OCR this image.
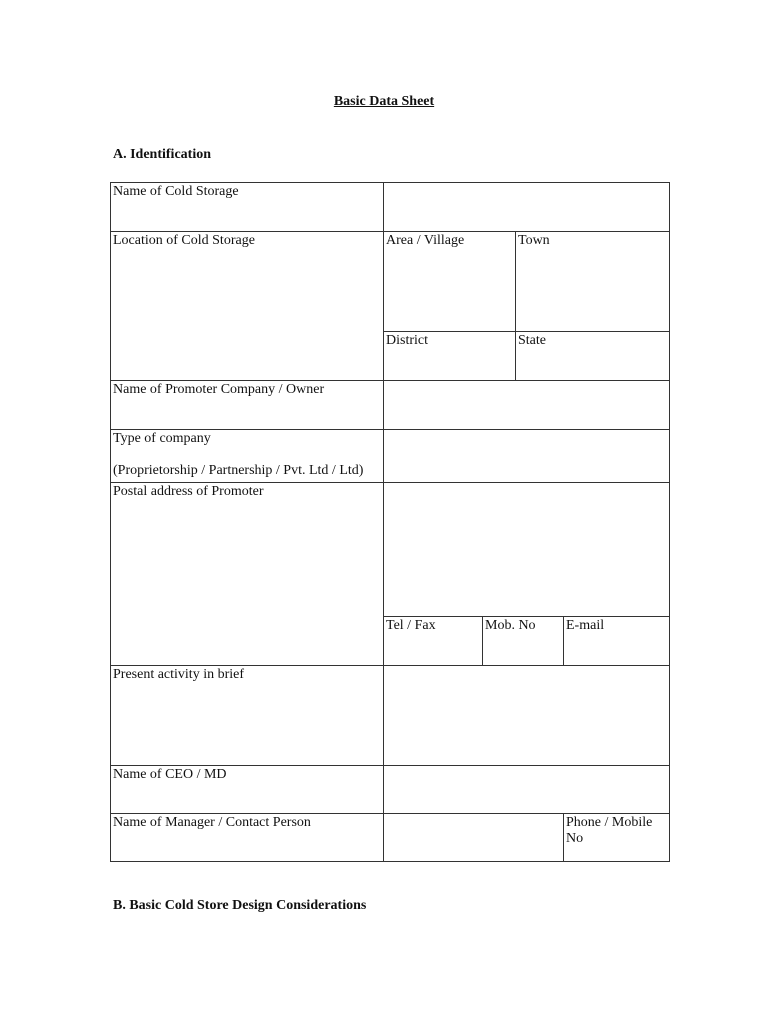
Basic Data Sheet
A. Identification
Name of Cold Storage				
Location of Cold Storage	Area / Village		Town	
	District		State	
Name of Promoter Company / Owner				
Type of company
(Proprietorship / Partnership / Pvt. Ltd / Ltd)				

Postal address of Promoter				
	Tel / Fax	Mob. No		E-mail
Present activity in brief				
Name of CEO / MD				
Name of Manager / Contact Person				Phone / Mobile No
B. Basic Cold Store Design Considerations
